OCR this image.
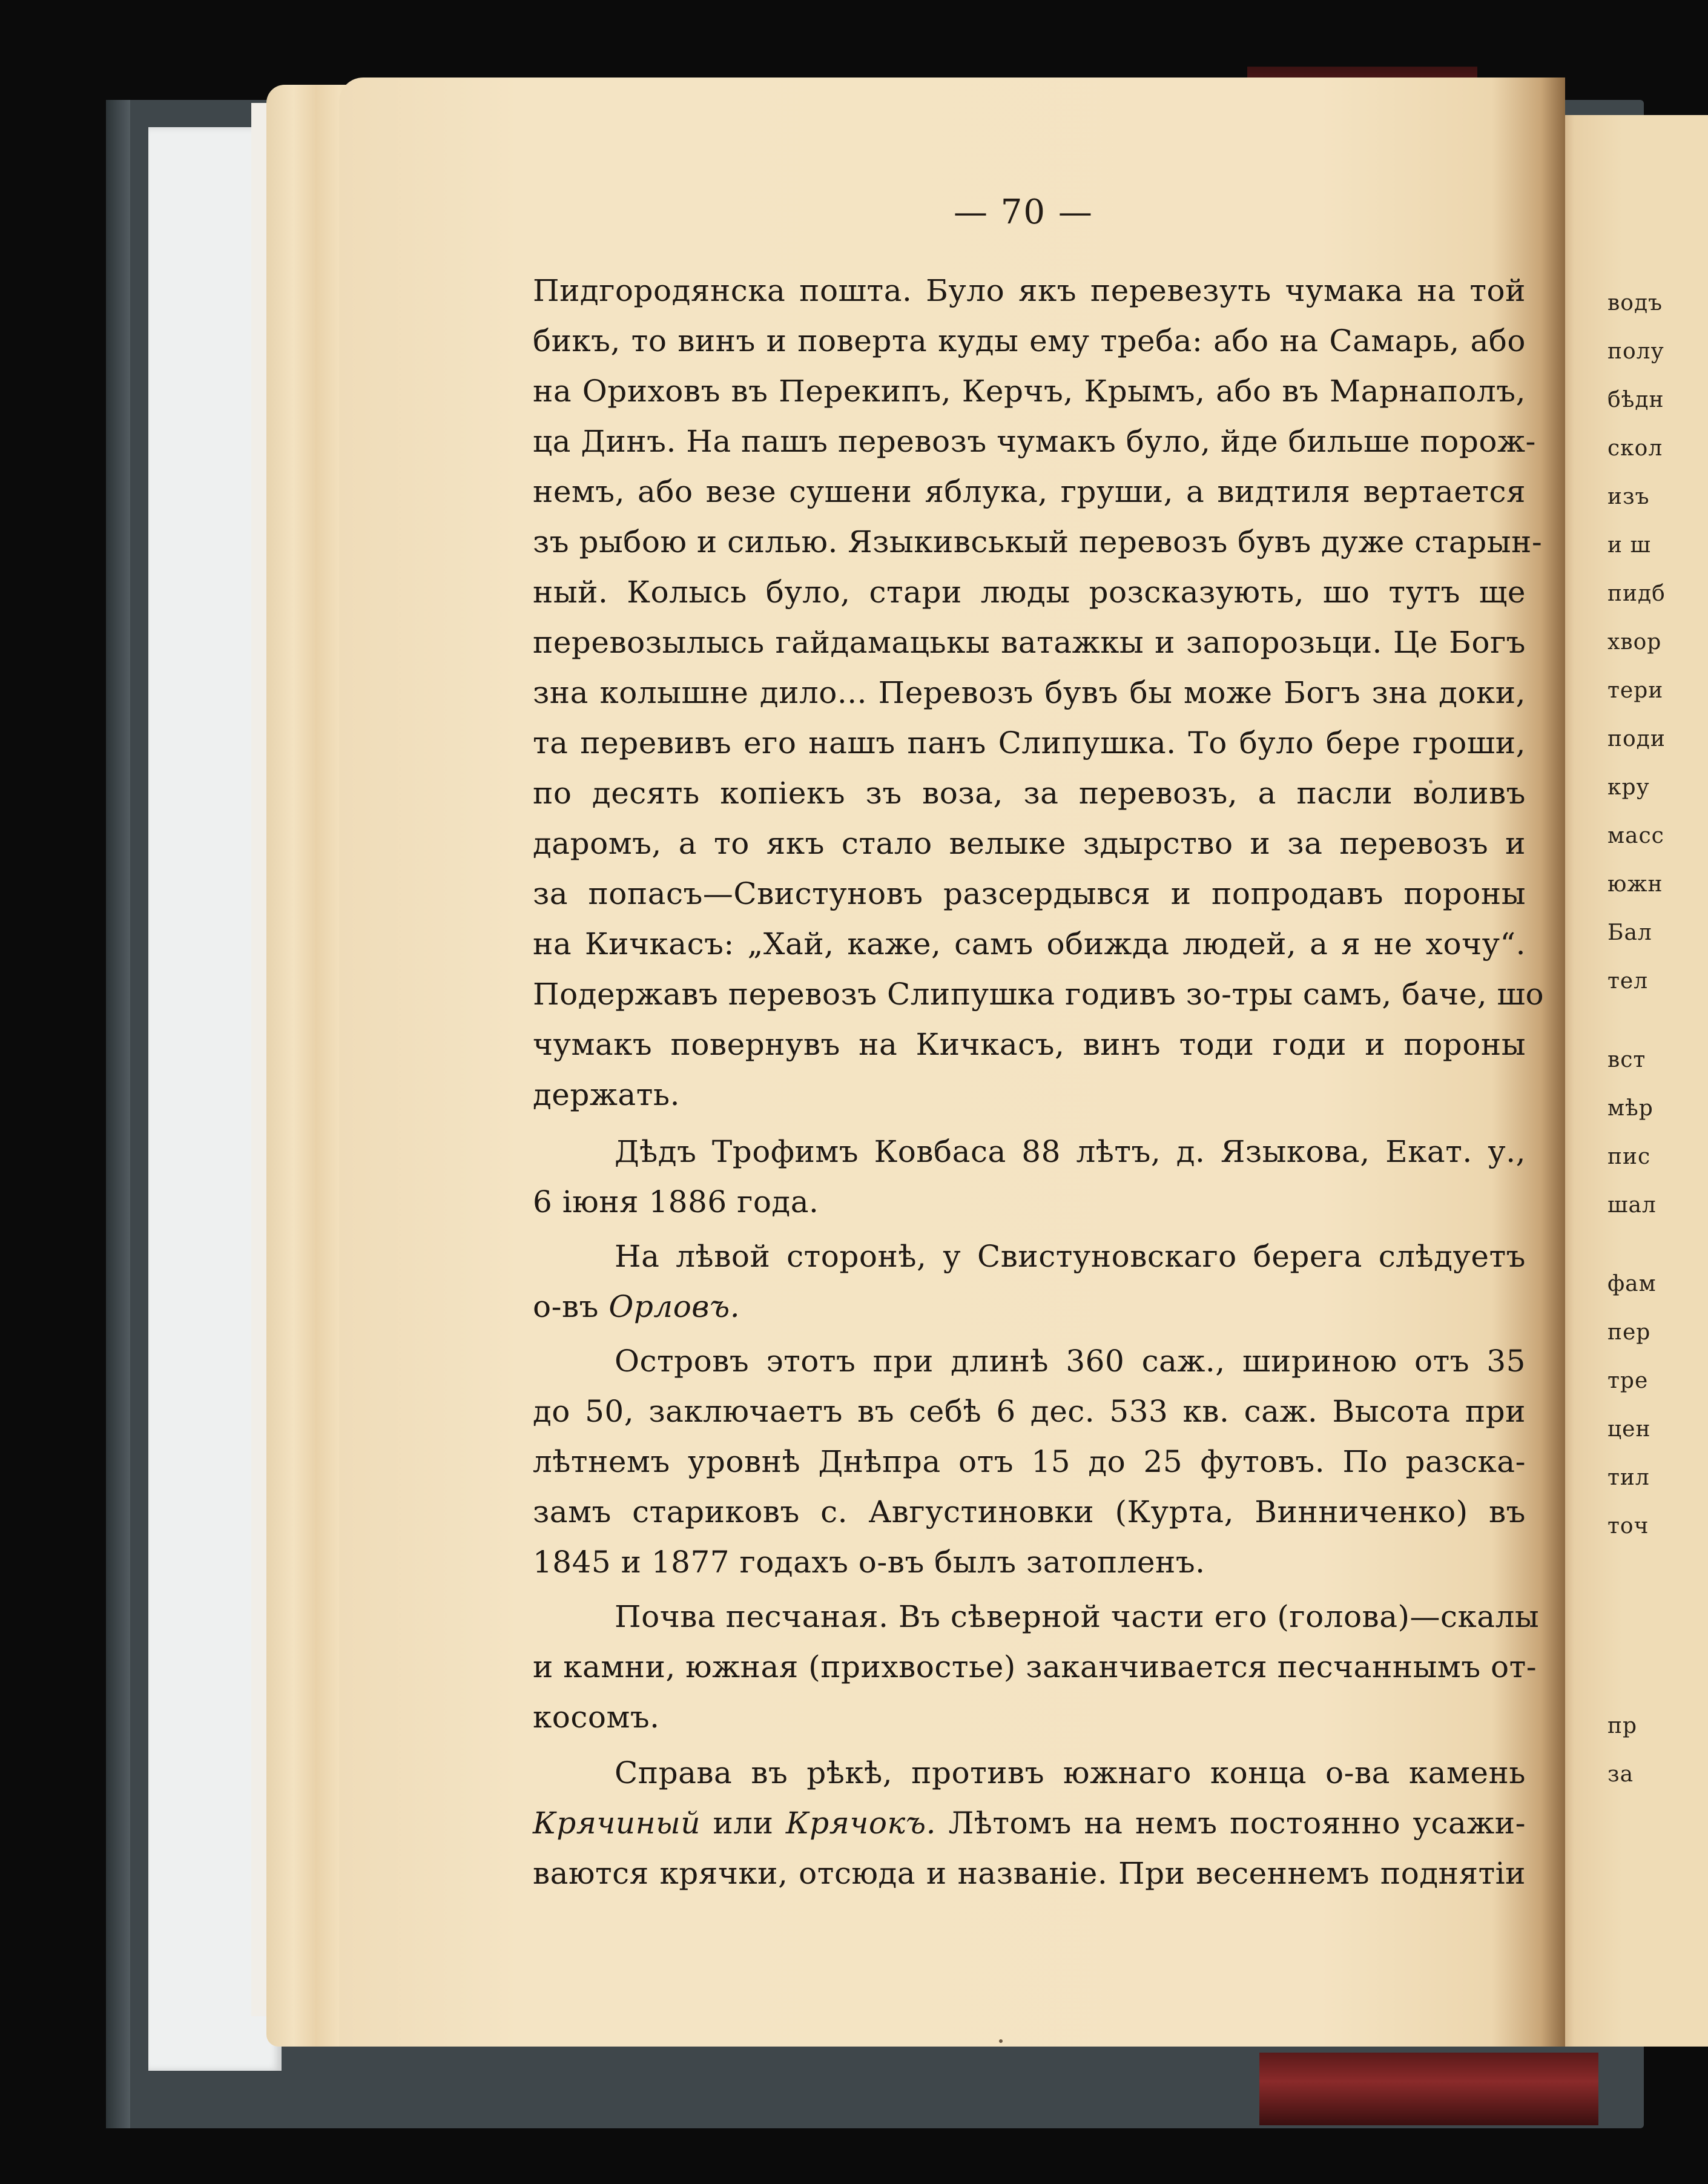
водъ
полу
бѣдн
скол
изъ
и ш
пидб
хвор
тери
поди
кру
масс
южн
Бал
тел
вст
мѣр
пис
шал
фам
пер
тре
цен
тил
точ
пр
за
— 70 —
Пидгородянска пошта. Було якъ перевезуть чумака на той
бикъ, то винъ и поверта куды ему треба: або на Самарь, або
на Ориховъ въ Перекипъ, Керчъ, Крымъ, або въ Марнаполъ,
ца Динъ. На пашъ перевозъ чумакъ було, йде бильше порож-
немъ, або везе сушени яблука, груши, а видтиля вертается
зъ рыбою и силью. Языкивськый перевозъ бувъ дуже старын-
ный. Колысь було, стари люды розсказують, шо тутъ ще
перевозылысь гайдамацькы ватажкы и запорозьци. Це Богъ
зна колышне дило... Перевозъ бувъ бы може Богъ зна доки,
та перевивъ его нашъ панъ Слипушка. То було бере гроши,
по десять копіекъ зъ воза, за перевозъ, а пасли воливъ
даромъ, а то якъ стало велыке здырство и за перевозъ и
за попасъ—Свистуновъ разсердывся и попродавъ пороны
на Кичкасъ: „Хай, каже, самъ обижда людей, а я не хочу“.
Подержавъ перевозъ Слипушка годивъ зо-тры самъ, баче, шо
чумакъ повернувъ на Кичкасъ, винъ тоди годи и пороны
держать.
Дѣдъ Трофимъ Ковбаса 88 лѣтъ, д. Языкова, Екат. у.,
6 іюня 1886 года.
На лѣвой сторонѣ, у Свистуновскаго берега слѣдуетъ
о-въ Орловъ.
Островъ этотъ при длинѣ 360 саж., шириною отъ 35
до 50, заключаетъ въ себѣ 6 дес. 533 кв. саж. Высота при
лѣтнемъ уровнѣ Днѣпра отъ 15 до 25 футовъ. По разска-
замъ стариковъ с. Августиновки (Курта, Винниченко) въ
1845 и 1877 годахъ о-въ былъ затопленъ.
Почва песчаная. Въ сѣверной части его (голова)—скалы
и камни, южная (прихвостье) заканчивается песчаннымъ от-
косомъ.
Справа въ рѣкѣ, противъ южнаго конца о-ва камень
Крячиный или Крячокъ. Лѣтомъ на немъ постоянно усажи-
ваются крячки, отсюда и названіе. При весеннемъ поднятіи
